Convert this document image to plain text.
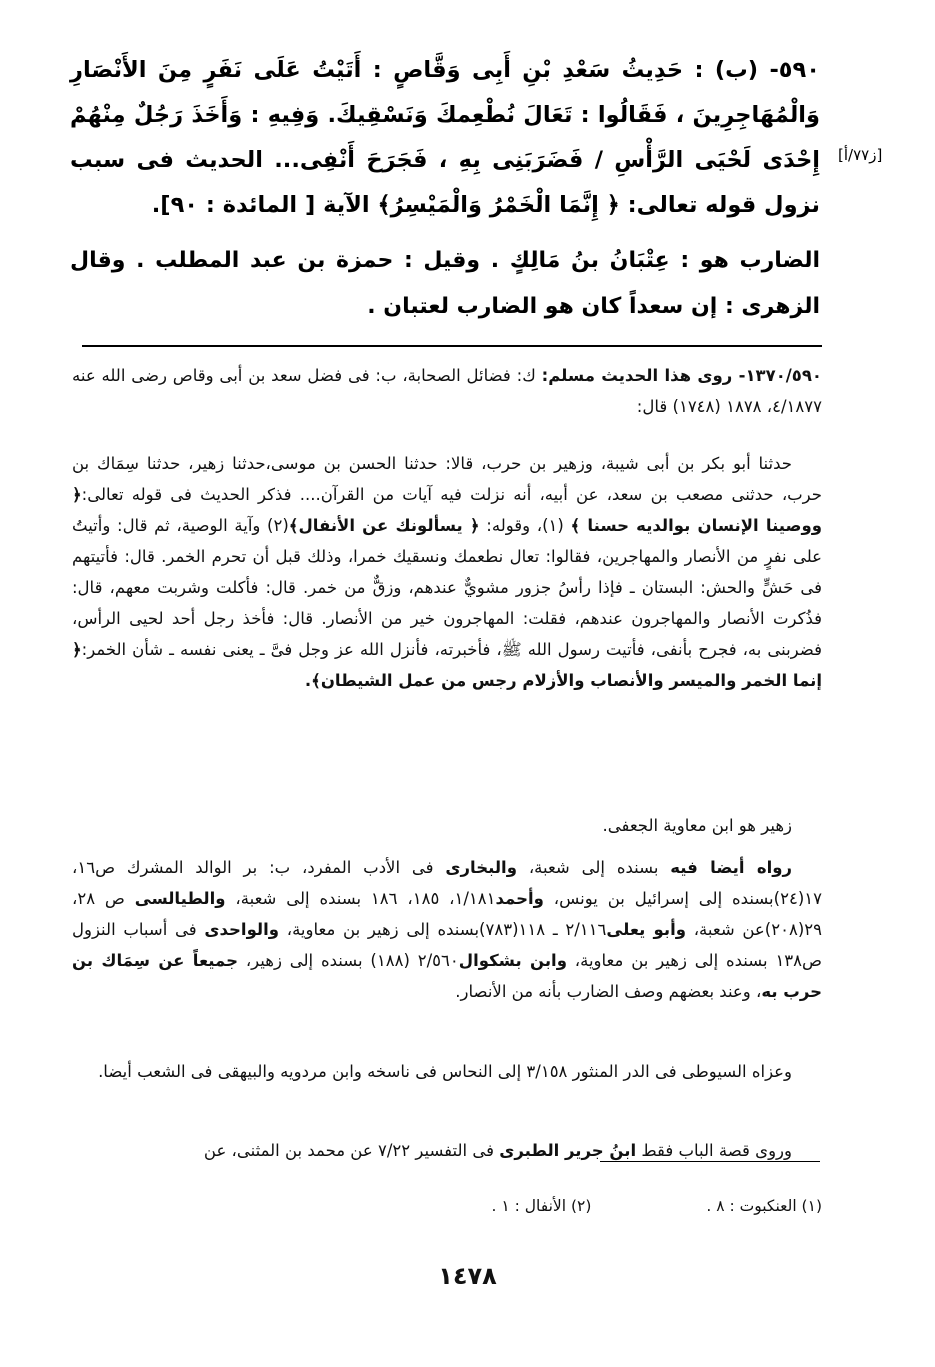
[ز٧٧/أ]
٥٩٠- (ب) : حَدِيثُ سَعْدِ بْنِ أَبِى وَقَّاصٍ : أَتَيْتُ عَلَى نَفَرٍ مِنَ الأَنْصَارِ وَالْمُهَاجِرِينَ ، فَقَالُوا : تَعَالَ نُطْعِمكَ وَنَسْقِيكَ. وَفِيهِ : وَأَخَذَ رَجُلٌ مِنْهُمْ إِحْدَى لَحْيَى الرَّأْسِ / فَضَرَبَنِى بِهِ ، فَجَرَحَ أَنْفِى... الحديث فى سبب نزول قوله تعالى: ﴿ إِنَّمَا الْخَمْرُ وَالْمَيْسِرُ﴾ الآية [ المائدة : ٩٠].
الضارب هو : عِتْبَانُ بنُ مَالِكٍ . وقيل : حمزة بن عبد المطلب . وقال الزهرى : إن سعداً كان هو الضارب لعتبان .

١٣٧٠/٥٩٠- روى هذا الحديث مسلم: ك: فضائل الصحابة، ب: فى فضل سعد بن أبى وقاص رضى الله عنه ٤/١٨٧٧، ١٨٧٨ (١٧٤٨) قال:

حدثنا أبو بكر بن أبى شيبة، وزهير بن حرب، قالا: حدثنا الحسن بن موسى،حدثنا زهير، حدثنا سِمَاك بن حرب، حدثنى مصعب بن سعد، عن أبيه، أنه نزلت فيه آيات من القرآن.... فذكر الحديث فى قوله تعالى:﴿ ووصينا الإنسان بوالديه حسنا ﴾ (١)، وقوله: ﴿ يسألونك عن الأنفال﴾(٢) وآية الوصية، ثم قال: وأتيتُ على نفرٍ من الأنصار والمهاجرين، فقالوا: تعال نطعمك ونسقيك خمرا، وذلك قبل أن تحرم الخمر. قال: فأتيتهم فى حَشٍّ والحش: البستان ـ فإذا رأسُ جزور مشويٌّ عندهم، وزقٌّ من خمر. قال: فأكلت وشربت معهم، قال: فذُكرت الأنصار والمهاجرون عندهم، فقلت: المهاجرون خير من الأنصار. قال: فأخذ رجل أحد لحيى الرأس، فضربنى به، فجرح بأنفى، فأتيت رسول الله ﷺ، فأخبرته، فأنزل الله عز وجل فىَّ ـ يعنى نفسه ـ شأن الخمر:﴿ إنما الخمر والميسر والأنصاب والأزلام رجس من عمل الشيطان﴾.

زهير هو ابن معاوية الجعفى.

رواه أيضا فيه بسنده إلى شعبة، والبخارى فى الأدب المفرد، ب: بر الوالد المشرك ص١٦، ١٧(٢٤)بسنده إلى إسرائيل بن يونس، وأحمد١/١٨١، ١٨٥، ١٨٦ بسنده إلى شعبة، والطيالسى ص ٢٨، ٢٩(٢٠٨)عن شعبة، وأبو يعلى٢/١١٦ ـ ١١٨(٧٨٣)بسنده إلى زهير بن معاوية، والواحدى فى أسباب النزول ص١٣٨ بسنده إلى زهير بن معاوية، وابن بشكوال٢/٥٦٠ (١٨٨) بسنده إلى زهير، جميعاً عن سِمَاك بن حرب به، وعند بعضهم وصف الضارب بأنه من الأنصار.

وعزاه السيوطى فى الدر المنثور ٣/١٥٨ إلى النحاس فى ناسخه وابن مردويه والبيهقى فى الشعب أيضا.

وروى قصة الباب فقط ابنُ جرير الطبرى فى التفسير ٧/٢٢ عن محمد بن المثنى، عن

(١) العنكبوت : ٨ . (٢) الأنفال : ١ .
١٤٧٨
